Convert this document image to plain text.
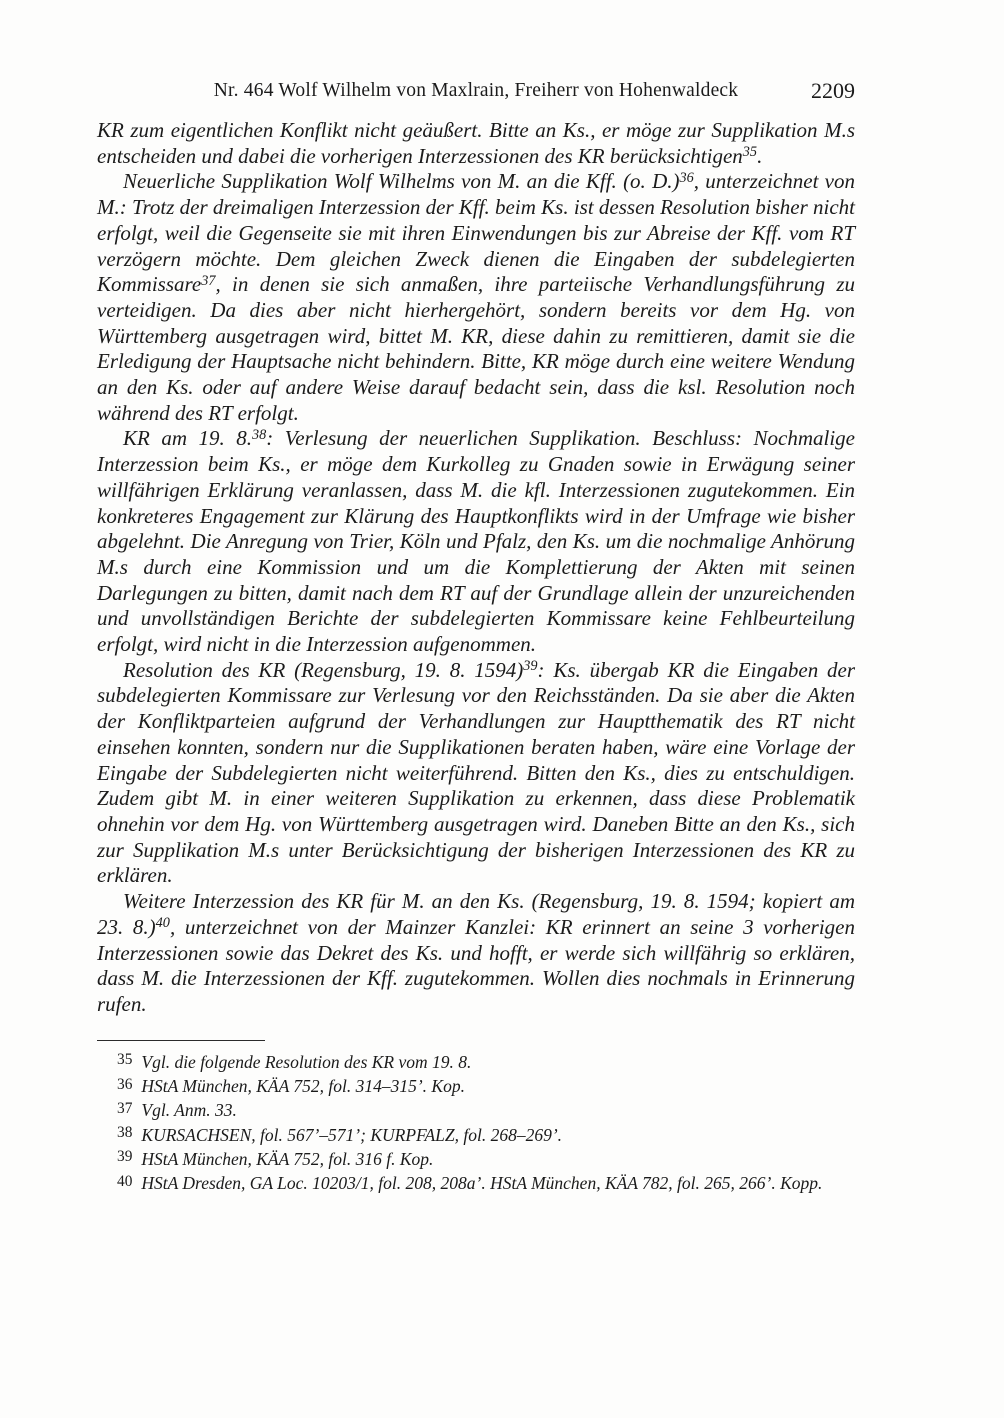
Nr. 464 Wolf Wilhelm von Maxlrain, Freiherr von Hohenwaldeck	2209

KR zum eigentlichen Konflikt nicht geäußert. Bitte an Ks., er möge zur Supplikation M.s entscheiden und dabei die vorherigen Interzessionen des KR berücksichtigen$^{35}$.

Neuerliche Supplikation Wolf Wilhelms von M. an die Kff. (o. D.)$^{36}$, unterzeichnet von M.: Trotz der dreimaligen Interzession der Kff. beim Ks. ist dessen Resolution bisher nicht erfolgt, weil die Gegenseite sie mit ihren Einwendungen bis zur Abreise der Kff. vom RT verzögern möchte. Dem gleichen Zweck dienen die Eingaben der subdelegierten Kommissare$^{37}$, in denen sie sich anmaßen, ihre parteiische Verhandlungsführung zu verteidigen. Da dies aber nicht hierhergehört, sondern bereits vor dem Hg. von Württemberg ausgetragen wird, bittet M. KR, diese dahin zu remittieren, damit sie die Erledigung der Hauptsache nicht behindern. Bitte, KR möge durch eine weitere Wendung an den Ks. oder auf andere Weise darauf bedacht sein, dass die ksl. Resolution noch während des RT erfolgt.

KR am 19. 8.38: Verlesung der neuerlichen Supplikation. Beschluss: Nochmalige Interzession beim Ks., er möge dem Kurkolleg zu Gnaden sowie in Erwägung seiner willfährigen Erklärung veranlassen, dass M. die kfl. Interzessionen zugutekommen. Ein konkreteres Engagement zur Klärung des Hauptkonflikts wird in der Umfrage wie bisher abgelehnt. Die Anregung von Trier, Köln und Pfalz, den Ks. um die nochmalige Anhörung M.s durch eine Kommission und um die Komplettierung der Akten mit seinen Darlegungen zu bitten, damit nach dem RT auf der Grundlage allein der unzureichenden und unvollständigen Berichte der subdelegierten Kommissare keine Fehlbeurteilung erfolgt, wird nicht in die Interzession aufgenommen.

Resolution des KR (Regensburg, 19. 8. 1594)$^{39}$: Ks. übergab KR die Eingaben der subdelegierten Kommissare zur Verlesung vor den Reichsständen. Da sie aber die Akten der Konfliktparteien aufgrund der Verhandlungen zur Hauptthematik des RT nicht einsehen konnten, sondern nur die Supplikationen beraten haben, wäre eine Vorlage der Eingabe der Subdelegierten nicht weiterführend. Bitten den Ks., dies zu entschuldigen. Zudem gibt M. in einer weiteren Supplikation zu erkennen, dass diese Problematik ohnehin vor dem Hg. von Württemberg ausgetragen wird. Daneben Bitte an den Ks., sich zur Supplikation M.s unter Berücksichtigung der bisherigen Interzessionen des KR zu erklären.

Weitere Interzession des KR für M. an den Ks. (Regensburg, 19. 8. 1594; kopiert am 23. 8.)$^{40}$, unterzeichnet von der Mainzer Kanzlei: KR erinnert an seine 3 vorherigen Interzessionen sowie das Dekret des Ks. und hofft, er werde sich willfährig so erklären, dass M. die Interzessionen der Kff. zugutekommen. Wollen dies nochmals in Erinnerung rufen.

$^{35}$ Vgl. die folgende Resolution des KR vom 19. 8.

$^{36}$ HStA München, KÄA 752, fol. 314–315’. Kop.

$^{37}$ Vgl. Anm. 33.

$^{38}$ KURSACHSEN, fol. 567’–571’; KURPFALZ, fol. 268–269’.

$^{39}$ HStA München, KÄA 752, fol. 316 f. Kop.

$^{40}$ HStA Dresden, GA Loc. 10203/1, fol. 208, 208a’. HStA München, KÄA 782, fol. 265, 266’. Kopp.
